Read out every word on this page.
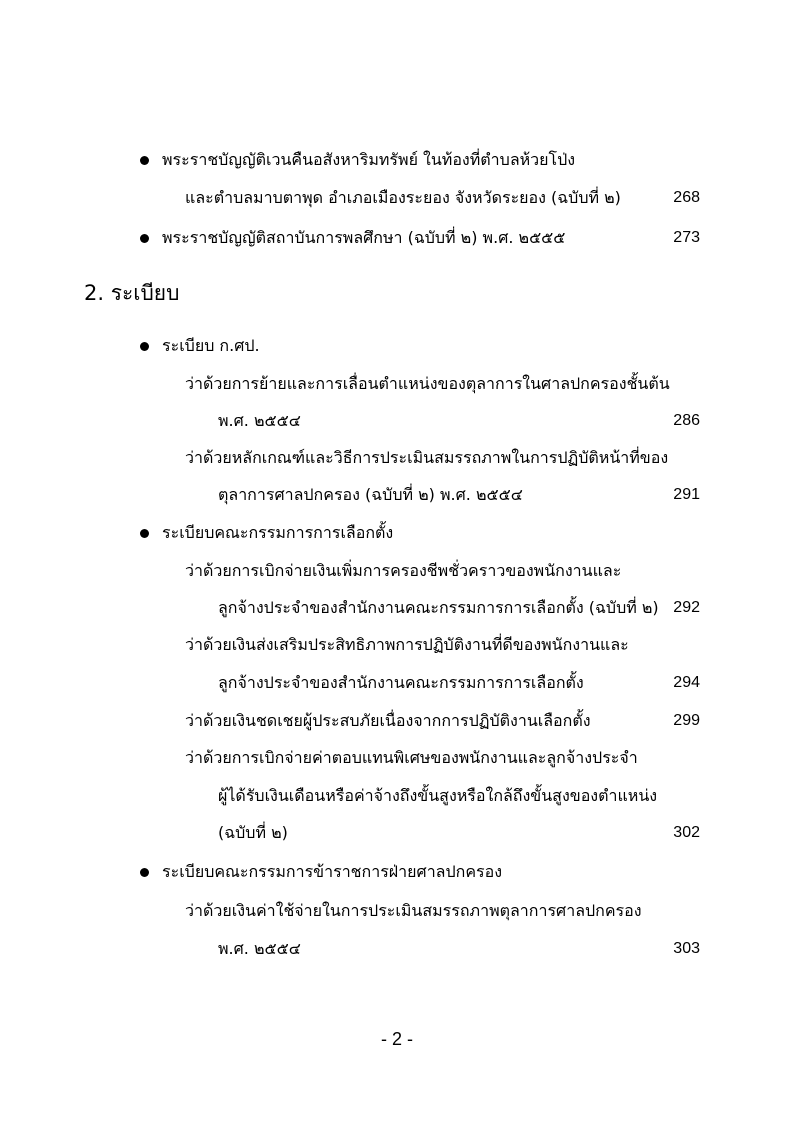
พระราชบัญญัติเวนคืนอสังหาริมทรัพย์ ในท้องที่ตำบลห้วยโป่ง
และตำบลมาบตาพุด อำเภอเมืองระยอง จังหวัดระยอง (ฉบับที่ ๒)	268
พระราชบัญญัติสถาบันการพลศึกษา (ฉบับที่ ๒) พ.ศ. ๒๕๕๕	273
2. ระเบียบ
ระเบียบ ก.ศป.
ว่าด้วยการย้ายและการเลื่อนตำแหน่งของตุลาการในศาลปกครองชั้นต้น
พ.ศ. ๒๕๕๔	286
ว่าด้วยหลักเกณฑ์และวิธีการประเมินสมรรถภาพในการปฏิบัติหน้าที่ของ
ตุลาการศาลปกครอง (ฉบับที่ ๒) พ.ศ. ๒๕๕๔	291
ระเบียบคณะกรรมการการเลือกตั้ง
ว่าด้วยการเบิกจ่ายเงินเพิ่มการครองชีพชั่วคราวของพนักงานและ
ลูกจ้างประจำของสำนักงานคณะกรรมการการเลือกตั้ง (ฉบับที่ ๒) 292
ว่าด้วยเงินส่งเสริมประสิทธิภาพการปฏิบัติงานที่ดีของพนักงานและ
ลูกจ้างประจำของสำนักงานคณะกรรมการการเลือกตั้ง	294
ว่าด้วยเงินชดเชยผู้ประสบภัยเนื่องจากการปฏิบัติงานเลือกตั้ง	299
ว่าด้วยการเบิกจ่ายค่าตอบแทนพิเศษของพนักงานและลูกจ้างประจำ
ผู้ได้รับเงินเดือนหรือค่าจ้างถึงขั้นสูงหรือใกล้ถึงขั้นสูงของตำแหน่ง
(ฉบับที่ ๒)	302
ระเบียบคณะกรรมการข้าราชการฝ่ายศาลปกครอง
ว่าด้วยเงินค่าใช้จ่ายในการประเมินสมรรถภาพตุลาการศาลปกครอง
พ.ศ. ๒๕๕๔	303
- 2 -
